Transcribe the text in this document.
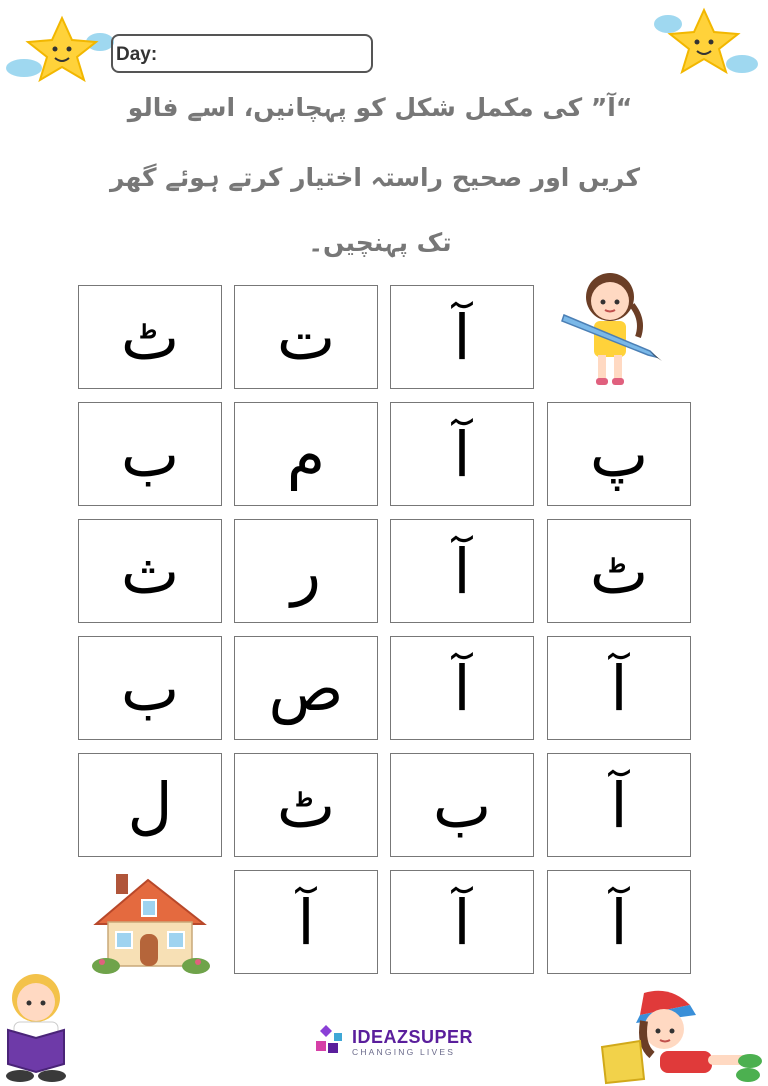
Day:
“آ” کی مکمل شکل کو پہچانیں، اسے فالو
کریں اور صحیح راستہ اختیار کرتے ہوئے گھر
تک پہنچیں۔
آ
ت
ٹ
پ
آ
م
ب
ٹ
آ
ر
ث
آ
آ
ص
ب
آ
ب
ٹ
ل
آ
آ
آ
IDEAZSUPER
CHANGING LIVES
